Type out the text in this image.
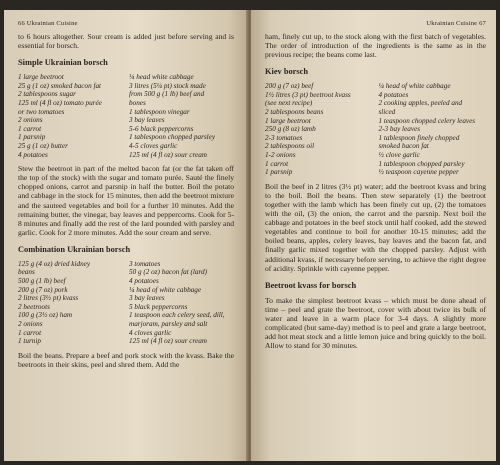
66 Ukrainian Cuisine

to 6 hours altogether. Sour cream is added just before serving and is essential for borsch.

Simple Ukrainian borsch
1 large beetroot
25 g (1 oz) smoked bacon fat
2 tablespoons sugar
125 ml (4 fl oz) tomato purée
or two tomatoes
2 onions
1 carrot
1 parsnip
25 g (1 oz) butter
4 potatoes
¼ head white cabbage
3 litres (5¼ pt) stock made
from 500 g (1 lb) beef and
bones
1 tablespoon vinegar
3 bay leaves
5-6 black peppercorns
1 tablespoon chopped parsley
4-5 cloves garlic
125 ml (4 fl oz) sour cream

Stew the beetroot in part of the melted bacon fat (or the fat taken off the top of the stock) with the sugar and tomato purée. Sauté the finely chopped onions, carrot and parsnip in half the butter. Boil the potato and cabbage in the stock for 15 minutes, then add the beetroot mixture and the sauteed vegetables and boil for a further 10 minutes. Add the remaining butter, the vinegar, bay leaves and peppercorns. Cook for 5-8 minutes and finally add the rest of the lard pounded with parsley and garlic. Cook for 2 more minutes. Add the sour cream and serve.

Combination Ukrainian borsch
125 g (4 oz) dried kidney
beans
500 g (1 lb) beef
200 g (7 oz) pork
2 litres (3½ pt) kvass
2 beetroots
100 g (3½ oz) ham
2 onions
1 carrot
1 turnip
3 tomatoes
50 g (2 oz) bacon fat (lard)
4 potatoes
¼ head of white cabbage
3 bay leaves
5 black peppercorns
1 teaspoon each celery seed, dill,
marjoram, parsley and salt
4 cloves garlic
125 ml (4 fl oz) sour cream

Boil the beans. Prepare a beef and pork stock with the kvass. Bake the beetroots in their skins, peel and shred them. Add the

Ukrainian Cuisine 67

ham, finely cut up, to the stock along with the first batch of vegetables. The order of introduction of the ingredients is the same as in the previous recipe; the beans come last.

Kiev borsch
200 g (7 oz) beef
1½ litres (3 pt) beetroot kvass
(see next recipe)
2 tablespoons beans
1 large beetroot
250 g (8 oz) lamb
2-3 tomatoes
2 tablespoons oil
1-2 onions
1 carrot
1 parsnip
¼ head of white cabbage
4 potatoes
2 cooking apples, peeled and
sliced
1 teaspoon chopped celery leaves
2-3 bay leaves
1 tablespoon finely chopped
smoked bacon fat
½ clove garlic
1 tablespoon chopped parsley
½ teaspoon cayenne pepper

Boil the beef in 2 litres (3½ pt) water; add the beetroot kvass and bring to the boil. Boil the beans. Then stew separately (1) the beetroot together with the lamb which has been finely cut up, (2) the tomatoes with the oil, (3) the onion, the carrot and the parsnip. Next boil the cabbage and potatoes in the beef stock until half cooked, add the stewed vegetables and continue to boil for another 10-15 minutes; add the boiled beans, apples, celery leaves, bay leaves and the bacon fat, and finally garlic mixed together with the chopped parsley. Adjust with additional kvass, if necessary before serving, to achieve the right degree of acidity. Sprinkle with cayenne pepper.

Beetroot kvass for borsch

To make the simplest beetroot kvass – which must be done ahead of time – peel and grate the beetroot, cover with about twice its bulk of water and leave in a warm place for 3-4 days. A slightly more complicated (but same-day) method is to peel and grate a large beetroot, add hot meat stock and a little lemon juice and bring quickly to the boil. Allow to stand for 30 minutes.
